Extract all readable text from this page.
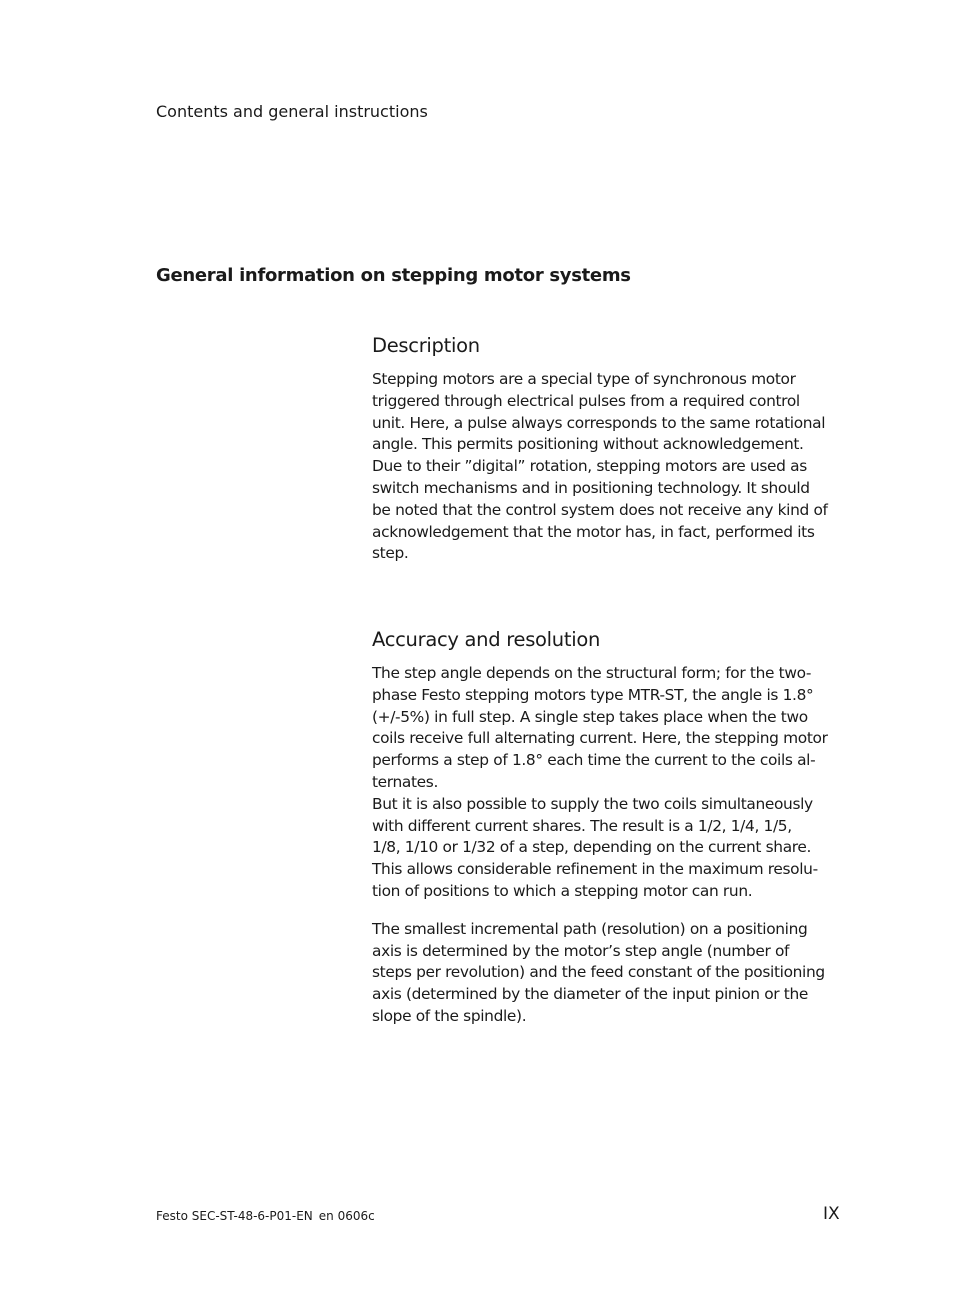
Contents and general instructions
General information on stepping motor systems
Description

Stepping motors are a special type of synchronous motor
triggered through electrical pulses from a required control
unit. Here, a pulse always corresponds to the same rotational
angle. This permits positioning without acknowledgement.
Due to their ”digital” rotation, stepping motors are used as
switch mechanisms and in positioning technology. It should
be noted that the control system does not receive any kind of
acknowledgement that the motor has, in fact, performed its
step.

Accuracy and resolution

The step angle depends on the structural form; for the two-
phase Festo stepping motors type MTR-ST, the angle is 1.8°
(+/-5%) in full step. A single step takes place when the two
coils receive full alternating current. Here, the stepping motor
performs a step of 1.8° each time the current to the coils al-
ternates.
But it is also possible to supply the two coils simultaneously
with different current shares. The result is a 1/2, 1/4, 1/5,
1/8, 1/10 or 1/32 of a step, depending on the current share.
This allows considerable refinement in the maximum resolu-
tion of positions to which a stepping motor can run.

The smallest incremental path (resolution) on a positioning
axis is determined by the motor’s step angle (number of
steps per revolution) and the feed constant of the positioning
axis (determined by the diameter of the input pinion or the
slope of the spindle).

Festo SEC-ST-48-6-P01-EN en 0606c	IX
